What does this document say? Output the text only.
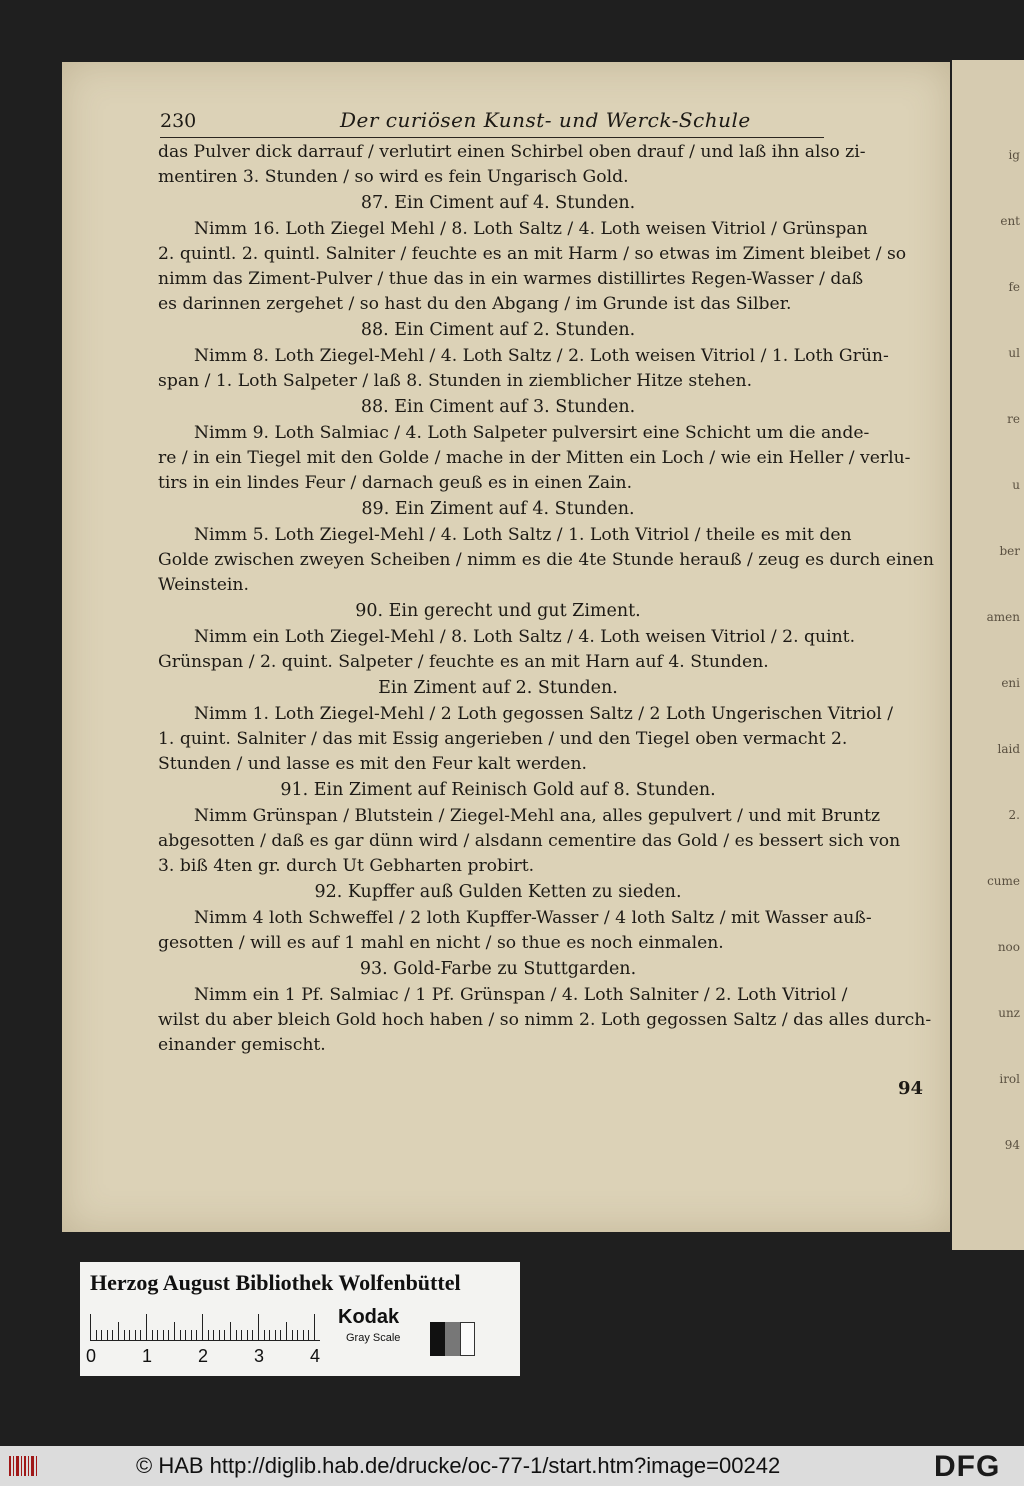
ig
ent
fe
ul
re
u
ber
amen
eni
laid
2.
cume
noo
unz
irol
94
230	Der curiösen Kunst- und Werck-Schule
das Pulver dick darrauf / verlutirt einen Schirbel oben drauf / und laß ihn also zi-
mentiren 3. Stunden / so wird es fein Ungarisch Gold.
87. Ein Ciment auf 4. Stunden.
Nimm 16. Loth Ziegel Mehl / 8. Loth Saltz / 4. Loth weisen Vitriol / Grünspan
2. quintl. 2. quintl. Salniter / feuchte es an mit Harm / so etwas im Ziment bleibet / so
nimm das Ziment-Pulver / thue das in ein warmes distillirtes Regen-Wasser / daß
es darinnen zergehet / so hast du den Abgang / im Grunde ist das Silber.
88. Ein Ciment auf 2. Stunden.
Nimm 8. Loth Ziegel-Mehl / 4. Loth Saltz / 2. Loth weisen Vitriol / 1. Loth Grün-
span / 1. Loth Salpeter / laß 8. Stunden in ziemblicher Hitze stehen.
88. Ein Ciment auf 3. Stunden.
Nimm 9. Loth Salmiac / 4. Loth Salpeter pulversirt eine Schicht um die ande-
re / in ein Tiegel mit den Golde / mache in der Mitten ein Loch / wie ein Heller / verlu-
tirs in ein lindes Feur / darnach geuß es in einen Zain.
89. Ein Ziment auf 4. Stunden.
Nimm 5. Loth Ziegel-Mehl / 4. Loth Saltz / 1. Loth Vitriol / theile es mit den
Golde zwischen zweyen Scheiben / nimm es die 4te Stunde herauß / zeug es durch einen
Weinstein.
90. Ein gerecht und gut Ziment.
Nimm ein Loth Ziegel-Mehl / 8. Loth Saltz / 4. Loth weisen Vitriol / 2. quint.
Grünspan / 2. quint. Salpeter / feuchte es an mit Harn auf 4. Stunden.
Ein Ziment auf 2. Stunden.
Nimm 1. Loth Ziegel-Mehl / 2 Loth gegossen Saltz / 2 Loth Ungerischen Vitriol /
1. quint. Salniter / das mit Essig angerieben / und den Tiegel oben vermacht 2.
Stunden / und lasse es mit den Feur kalt werden.
91. Ein Ziment auf Reinisch Gold auf 8. Stunden.
Nimm Grünspan / Blutstein / Ziegel-Mehl ana, alles gepulvert / und mit Bruntz
abgesotten / daß es gar dünn wird / alsdann cementire das Gold / es bessert sich von
3. biß 4ten gr. durch Ut Gebharten probirt.
92. Kupffer auß Gulden Ketten zu sieden.
Nimm 4 loth Schweffel / 2 loth Kupffer-Wasser / 4 loth Saltz / mit Wasser auß-
gesotten / will es auf 1 mahl en nicht / so thue es noch einmalen.
93. Gold-Farbe zu Stuttgarden.
Nimm ein 1 Pf. Salmiac / 1 Pf. Grünspan / 4. Loth Salniter / 2. Loth Vitriol /
wilst du aber bleich Gold hoch haben / so nimm 2. Loth gegossen Saltz / das alles durch-
einander gemischt.
94
Herzog August Bibliothek Wolfenbüttel
0	1	2	3	4
Kodak
Gray Scale
© HAB http://diglib.hab.de/drucke/oc-77-1/start.htm?image=00242	DFG
